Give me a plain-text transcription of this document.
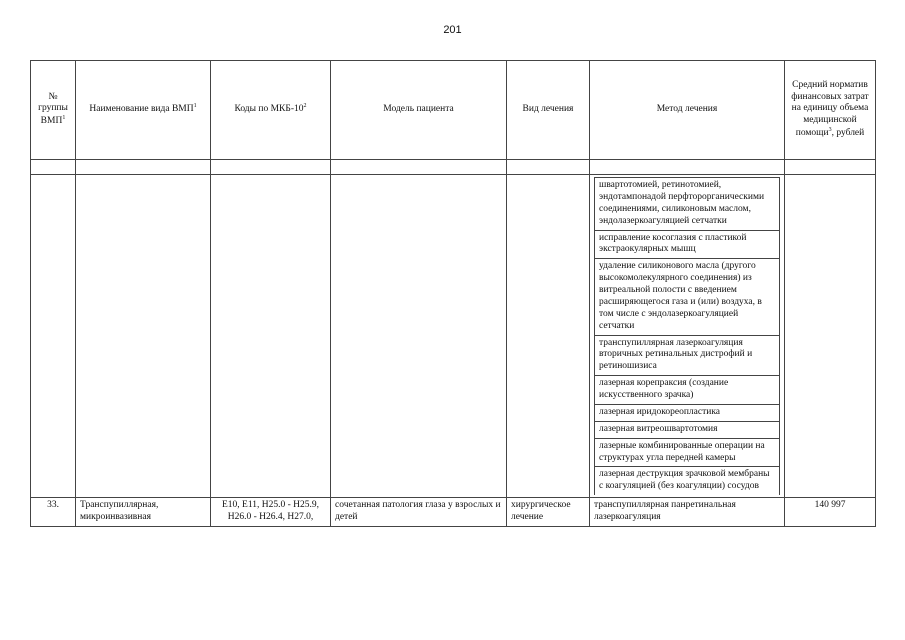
201
№ группы ВМП$^1$	Наименование вида ВМП$^1$	Коды по МКБ-$10^2$	Модель пациента	Вид лечения	Метод лечения	Средний норматив финансовых затрат на единицу объема медицинской помощи$^3$, рублей

швартотомией, ретинотомией, эндотампонадой перфторорганическими соединениями, силиконовым маслом, эндолазеркоагуляцией сетчатки
исправление косоглазия с пластикой экстраокулярных мышц
удаление силиконового масла (другого высокомолекулярного соединения) из витреальной полости с введением расширяющегося газа и (или) воздуха, в том числе с эндолазеркоагуляцией сетчатки
транспупиллярная лазеркоагуляция вторичных ретинальных дистрофий и ретиношизиса
лазерная корепраксия (создание искусственного зрачка)
лазерная иридокореопластика
лазерная витреошвартотомия
лазерные комбинированные операции на структурах угла передней камеры
лазерная деструкция зрачковой мембраны с коагуляцией (без коагуляции) сосудов

33.	Транспупиллярная, микроинвазивная	E10, E11, H25.0 - H25.9, H26.0 - H26.4, H27.0,	сочетанная патология глаза у взрослых и детей	хирургическое лечение	транспупиллярная панретинальная лазеркоагуляция	140 997
